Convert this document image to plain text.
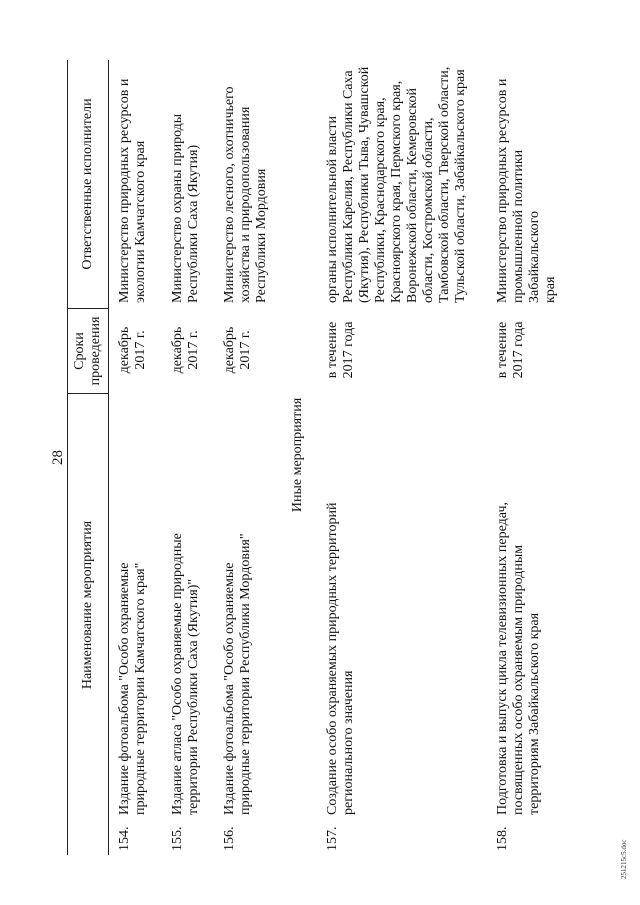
28
Наименование мероприятия
Сроки
проведения
Ответственные исполнители
154.
Издание фотоальбома "Особо охраняемые
природные территории Камчатского края"
декабрь
2017 г.
Министерство природных ресурсов и
экологии Камчатского края
155.
Издание атласа "Особо охраняемые природные
территории Республики Саха (Якутия)"
декабрь
2017 г.
Министерство охраны природы
Республики Саха (Якутия)
156.
Издание фотоальбома "Особо охраняемые
природные территории Республики Мордовия"
декабрь
2017 г.
Министерство лесного, охотничьего
хозяйства и природопользования
Республики Мордовия
Иные мероприятия
157.
Создание особо охраняемых природных территорий
регионального значения
в течение
2017 года
органы исполнительной власти
Республики Карелия, Республики Саха
(Якутия), Республики Тыва, Чувашской
Республики, Краснодарского края,
Красноярского края, Пермского края,
Воронежской области, Кемеровской
области, Костромской области,
Тамбовской области, Тверской области,
Тульской области, Забайкальского края
158.
Подготовка и выпуск цикла телевизионных передач,
посвященных особо охраняемым природным
территориям Забайкальского края
в течение
2017 года
Министерство природных ресурсов и
промышленной политики Забайкальского
края
251215c5.doc
